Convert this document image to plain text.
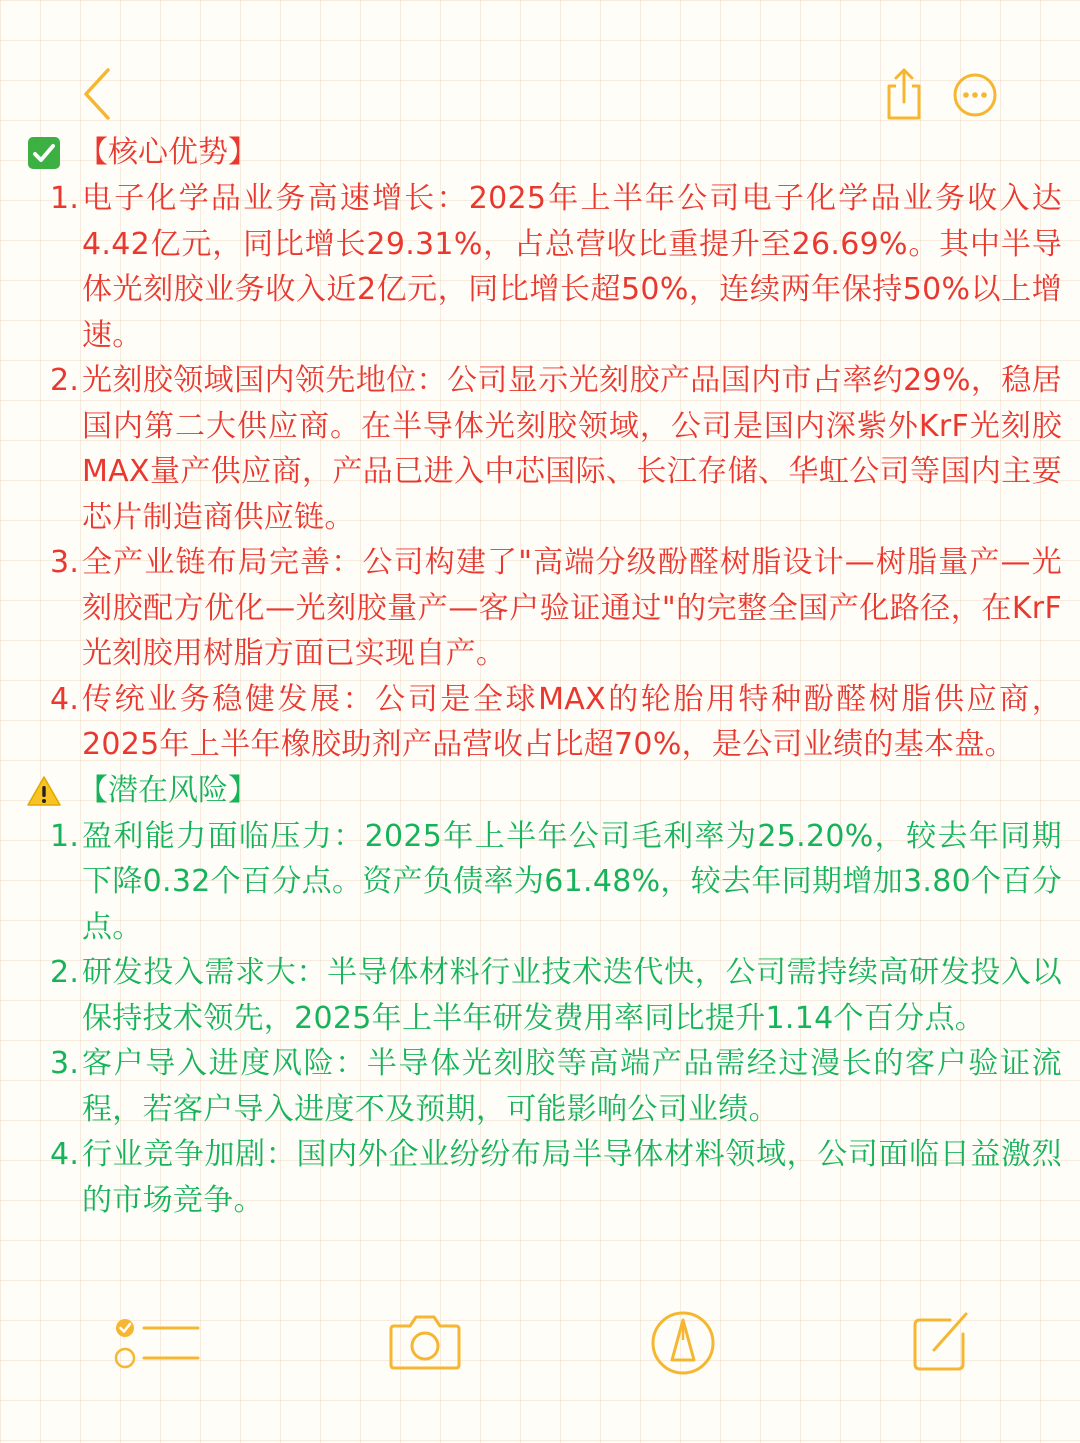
【核心优势】
1. 电子化学品业务高速增长：2025年上半年公司电子化学品业务收入达4.42亿元，同比增长29.31%，占总营收比重提升至26.69%。其中半导体光刻胶业务收入近2亿元，同比增长超50%，连续两年保持50%以上增速。
2. 光刻胶领域国内领先地位：公司显示光刻胶产品国内市占率约29%，稳居国内第二大供应商。在半导体光刻胶领域，公司是国内深紫外KrF光刻胶MAX量产供应商，产品已进入中芯国际、长江存储、华虹公司等国内主要芯片制造商供应链。
3. 全产业链布局完善：公司构建了"高端分级酚醛树脂设计—树脂量产—光刻胶配方优化—光刻胶量产—客户验证通过"的完整全国产化路径，在KrF光刻胶用树脂方面已实现自产。
4. 传统业务稳健发展：公司是全球MAX的轮胎用特种酚醛树脂供应商，2025年上半年橡胶助剂产品营收占比超70%，是公司业绩的基本盘。
【潜在风险】
1. 盈利能力面临压力：2025年上半年公司毛利率为25.20%，较去年同期下降0.32个百分点。资产负债率为61.48%，较去年同期增加3.80个百分点。
2. 研发投入需求大：半导体材料行业技术迭代快，公司需持续高研发投入以保持技术领先，2025年上半年研发费用率同比提升1.14个百分点。
3. 客户导入进度风险：半导体光刻胶等高端产品需经过漫长的客户验证流程，若客户导入进度不及预期，可能影响公司业绩。
4. 行业竞争加剧：国内外企业纷纷布局半导体材料领域，公司面临日益激烈的市场竞争。
